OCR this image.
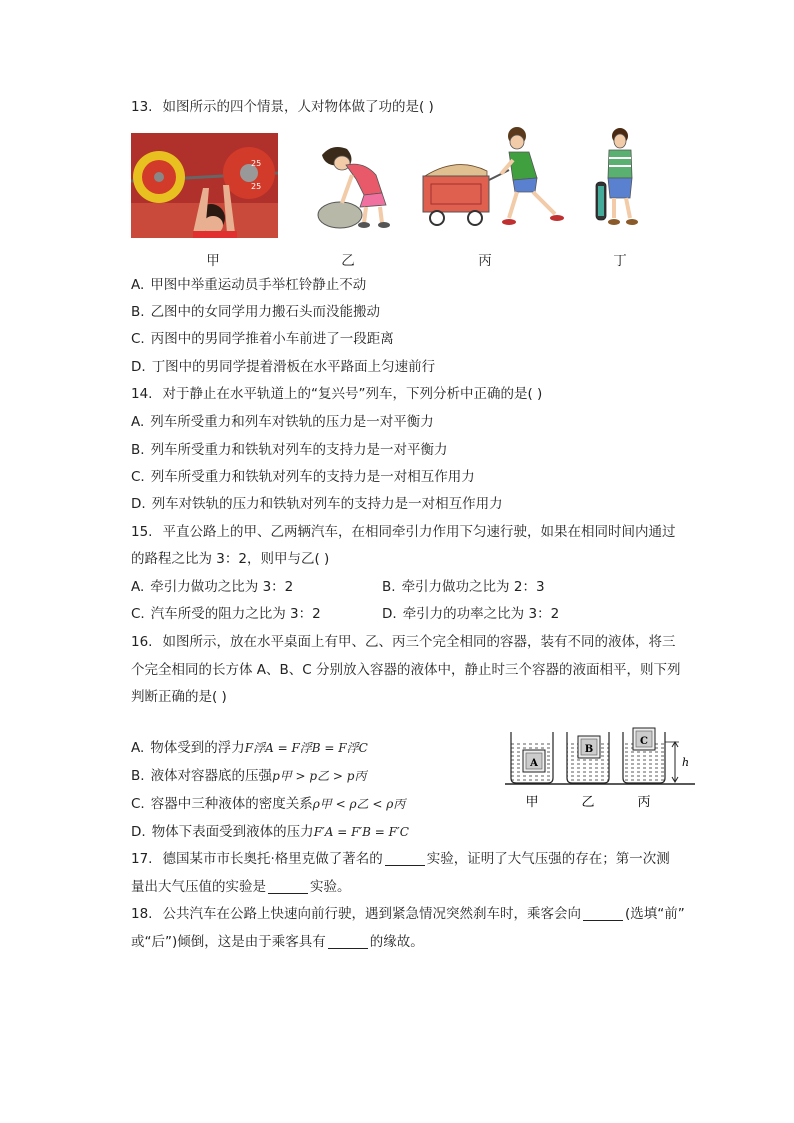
13. 如图所示的四个情景，人对物体做了功的是( )
25
25
甲	乙	丙	丁
A. 甲图中举重运动员手举杠铃静止不动
B. 乙图中的女同学用力搬石头而没能搬动
C. 丙图中的男同学推着小车前进了一段距离
D. 丁图中的男同学提着滑板在水平路面上匀速前行
14. 对于静止在水平轨道上的“复兴号”列车，下列分析中正确的是( )
A. 列车所受重力和列车对铁轨的压力是一对平衡力
B. 列车所受重力和铁轨对列车的支持力是一对平衡力
C. 列车所受重力和铁轨对列车的支持力是一对相互作用力
D. 列车对铁轨的压力和铁轨对列车的支持力是一对相互作用力
15. 平直公路上的甲、乙两辆汽车，在相同牵引力作用下匀速行驶，如果在相同时间内通过
的路程之比为 3：2，则甲与乙( )
A. 牵引力做功之比为 3：2	B. 牵引力做功之比为 2：3
C. 汽车所受的阻力之比为 3：2	D. 牵引力的功率之比为 3：2
16. 如图所示，放在水平桌面上有甲、乙、丙三个完全相同的容器，装有不同的液体，将三
个完全相同的长方体 A、B、C 分别放入容器的液体中，静止时三个容器的液面相平，则下列
判断正确的是( )
A. 物体受到的浮力F浮A = F浮B = F浮C
B. 液体对容器底的压强p甲 > p乙 > p丙
C. 容器中三种液体的密度关系ρ甲 < ρ乙 < ρ丙
D. 物体下表面受到液体的压力F′A = F′B = F′C
A
B
C
h
甲	乙	丙
17. 德国某市市长奥托·格里克做了著名的	实验，证明了大气压强的存在；第一次测
量出大气压值的实验是	实验。
18. 公共汽车在公路上快速向前行驶，遇到紧急情况突然刹车时，乘客会向	(选填“前”
或“后”)倾倒，这是由于乘客具有	的缘故。
